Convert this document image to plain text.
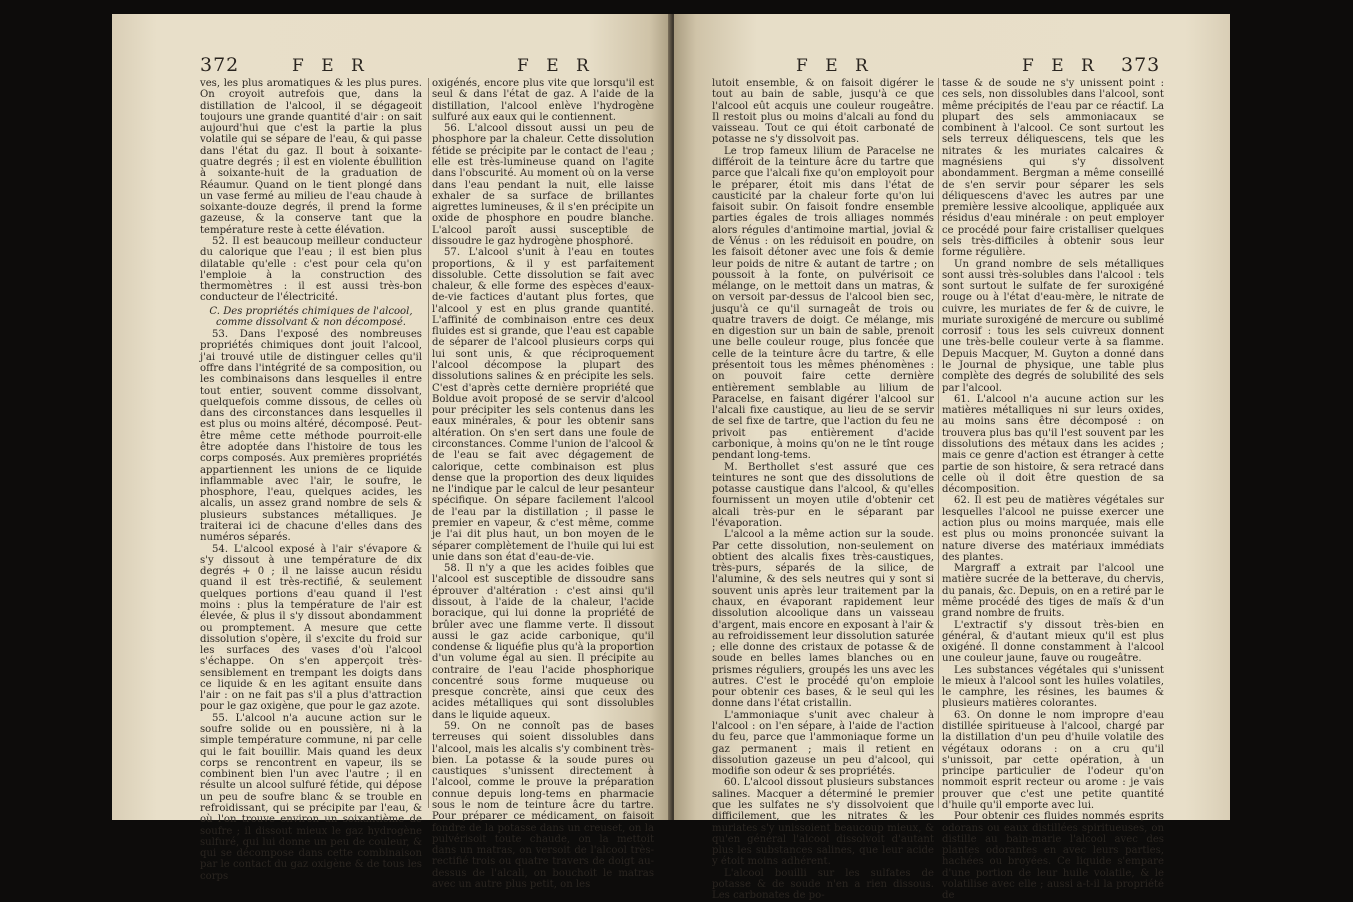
372	F E R	F E R

ves, les plus aromatiques & les plus pures. On croyoit autrefois que, dans la distillation de l'alcool, il se dégageoit toujours une grande quantité d'air : on sait aujourd'hui que c'est la partie la plus volatile qui se sépare de l'eau, & qui passe dans l'état du gaz. Il bout à soixante-quatre degrés ; il est en violente ébullition à soixante-huit de la graduation de Réaumur. Quand on le tient plongé dans un vase fermé au milieu de l'eau chaude à soixante-douze degrés, il prend la forme gazeuse, & la conserve tant que la température reste à cette élévation.

52. Il est beaucoup meilleur conducteur du calorique que l'eau ; il est bien plus dilatable qu'elle : c'est pour cela qu'on l'emploie à la construction des thermomètres : il est aussi très-bon conducteur de l'électricité.

C. Des propriétés chimiques de l'alcool, comme dissolvant & non décomposé.

53. Dans l'exposé des nombreuses propriétés chimiques dont jouit l'alcool, j'ai trouvé utile de distinguer celles qu'il offre dans l'intégrité de sa composition, ou les combinaisons dans lesquelles il entre tout entier, souvent comme dissolvant, quelquefois comme dissous, de celles où dans des circonstances dans lesquelles il est plus ou moins altéré, décomposé. Peut-être même cette méthode pourroit-elle être adoptée dans l'histoire de tous les corps composés. Aux premières propriétés appartiennent les unions de ce liquide inflammable avec l'air, le soufre, le phosphore, l'eau, quelques acides, les alcalis, un assez grand nombre de sels & plusieurs substances métalliques. Je traiterai ici de chacune d'elles dans des numéros séparés.

54. L'alcool exposé à l'air s'évapore & s'y dissout à une température de dix degrés + 0 ; il ne laisse aucun résidu quand il est très-rectifié, & seulement quelques portions d'eau quand il l'est moins : plus la température de l'air est élevée, & plus il s'y dissout abondamment ou promptement. A mesure que cette dissolution s'opère, il s'excite du froid sur les surfaces des vases d'où l'alcool s'échappe. On s'en apperçoit très-sensiblement en trempant les doigts dans ce liquide & en les agitant ensuite dans l'air : on ne fait pas s'il a plus d'attraction pour le gaz oxigène, que pour le gaz azote.

55. L'alcool n'a aucune action sur le soufre solide ou en poussière, ni à la simple température commune, ni par celle qui le fait bouillir. Mais quand les deux corps se rencontrent en vapeur, ils se combinent bien l'un avec l'autre ; il en résulte un alcool sulfuré fétide, qui dépose un peu de soufre blanc & se trouble en refroidissant, qui se précipite par l'eau, & où l'on trouve environ un soixantième de soufre ; il dissout mieux le gaz hydrogène sulfuré, qui lui donne un peu de couleur, & qui se décompose dans cette combinaison par le contact du gaz oxigène & de tous les corps

oxigénés, encore plus vite que lorsqu'il est seul & dans l'état de gaz. A l'aide de la distillation, l'alcool enlève l'hydrogène sulfuré aux eaux qui le contiennent.

56. L'alcool dissout aussi un peu de phosphore par la chaleur. Cette dissolution fétide se précipite par le contact de l'eau ; elle est très-lumineuse quand on l'agite dans l'obscurité. Au moment où on la verse dans l'eau pendant la nuit, elle laisse exhaler de sa surface de brillantes aigrettes lumineuses, & il s'en précipite un oxide de phosphore en poudre blanche. L'alcool paroît aussi susceptible de dissoudre le gaz hydrogène phosphoré.

57. L'alcool s'unit à l'eau en toutes proportions, & il y est parfaitement dissoluble. Cette dissolution se fait avec chaleur, & elle forme des espèces d'eaux-de-vie factices d'autant plus fortes, que l'alcool y est en plus grande quantité. L'affinité de combinaison entre ces deux fluides est si grande, que l'eau est capable de séparer de l'alcool plusieurs corps qui lui sont unis, & que réciproquement l'alcool décompose la plupart des dissolutions salines & en précipite les sels. C'est d'après cette dernière propriété que Boldue avoit proposé de se servir d'alcool pour précipiter les sels contenus dans les eaux minérales, & pour les obtenir sans altération. On s'en sert dans une foule de circonstances. Comme l'union de l'alcool & de l'eau se fait avec dégagement de calorique, cette combinaison est plus dense que la proportion des deux liquides ne l'indique par le calcul de leur pesanteur spécifique. On sépare facilement l'alcool de l'eau par la distillation ; il passe le premier en vapeur, & c'est même, comme je l'ai dit plus haut, un bon moyen de le séparer complètement de l'huile qui lui est unie dans son état d'eau-de-vie.

58. Il n'y a que les acides foibles que l'alcool est susceptible de dissoudre sans éprouver d'altération : c'est ainsi qu'il dissout, à l'aide de la chaleur, l'acide boracique, qui lui donne la propriété de brûler avec une flamme verte. Il dissout aussi le gaz acide carbonique, qu'il condense & liquéfie plus qu'à la proportion d'un volume égal au sien. Il précipite au contraire de l'eau l'acide phosphorique concentré sous forme muqueuse ou presque concrète, ainsi que ceux des acides métalliques qui sont dissolubles dans le liquide aqueux.

59. On ne connoît pas de bases terreuses qui soient dissolubles dans l'alcool, mais les alcalis s'y combinent très-bien. La potasse & la soude pures ou caustiques s'unissent directement à l'alcool, comme le prouve la préparation connue depuis long-tems en pharmacie sous le nom de teinture âcre du tartre. Pour préparer ce médicament, on faisoit fondre de la potasse dans un creuset, on la pulvérisoit toute chaude, on la mettoit dans un matras, on versoit de l'alcool très-rectifié trois ou quatre travers de doigt au-dessus de l'alcali, on bouchoit le matras avec un autre plus petit, on les

F E R	F E R 373

lutoit ensemble, & on faisoit digérer le tout au bain de sable, jusqu'à ce que l'alcool eût acquis une couleur rougeâtre. Il restoit plus ou moins d'alcali au fond du vaisseau. Tout ce qui étoit carbonaté de potasse ne s'y dissolvoit pas.

Le trop fameux lilium de Paracelse ne différoit de la teinture âcre du tartre que parce que l'alcali fixe qu'on employoit pour le préparer, étoit mis dans l'état de causticité par la chaleur forte qu'on lui faisoit subir. On faisoit fondre ensemble parties égales de trois alliages nommés alors régules d'antimoine martial, jovial & de Vénus : on les réduisoit en poudre, on les faisoit détoner avec une fois & demie leur poids de nitre & autant de tartre ; on poussoit à la fonte, on pulvérisoit ce mélange, on le mettoit dans un matras, & on versoit par-dessus de l'alcool bien sec, jusqu'à ce qu'il surnageât de trois ou quatre travers de doigt. Ce mélange, mis en digestion sur un bain de sable, prenoit une belle couleur rouge, plus foncée que celle de la teinture âcre du tartre, & elle présentoit tous les mêmes phénomènes : on pouvoit faire cette dernière entièrement semblable au lilium de Paracelse, en faisant digérer l'alcool sur l'alcali fixe caustique, au lieu de se servir de sel fixe de tartre, que l'action du feu ne privoit pas entièrement d'acide carbonique, à moins qu'on ne le tînt rouge pendant long-tems.

M. Berthollet s'est assuré que ces teintures ne sont que des dissolutions de potasse caustique dans l'alcool, & qu'elles fournissent un moyen utile d'obtenir cet alcali très-pur en le séparant par l'évaporation.

L'alcool a la même action sur la soude. Par cette dissolution, non-seulement on obtient des alcalis fixes très-caustiques, très-purs, séparés de la silice, de l'alumine, & des sels neutres qui y sont si souvent unis après leur traitement par la chaux, en évaporant rapidement leur dissolution alcoolique dans un vaisseau d'argent, mais encore en exposant à l'air & au refroidissement leur dissolution saturée ; elle donne des cristaux de potasse & de soude en belles lames blanches ou en prismes réguliers, groupés les uns avec les autres. C'est le procédé qu'on emploie pour obtenir ces bases, & le seul qui les donne dans l'état cristallin.

L'ammoniaque s'unit avec chaleur à l'alcool : on l'en sépare, à l'aide de l'action du feu, parce que l'ammoniaque forme un gaz permanent ; mais il retient en dissolution gazeuse un peu d'alcool, qui modifie son odeur & ses propriétés.

60. L'alcool dissout plusieurs substances salines. Macquer a déterminé le premier que les sulfates ne s'y dissolvoient que difficilement, que les nitrates & les muriates s'y unissoient beaucoup mieux, & qu'en général l'alcool dissolvoit d'autant plus les substances salines, que leur acide y étoit moins adhérent.

L'alcool bouilli sur les sulfates de potasse & de soude n'en a rien dissous. Les carbonates de po-

tasse & de soude ne s'y unissent point : ces sels, non dissolubles dans l'alcool, sont même précipités de l'eau par ce réactif. La plupart des sels ammoniacaux se combinent à l'alcool. Ce sont surtout les sels terreux déliquescens, tels que les nitrates & les muriates calcaires & magnésiens qui s'y dissolvent abondamment. Bergman a même conseillé de s'en servir pour séparer les sels déliquescens d'avec les autres par une première lessive alcoolique, appliquée aux résidus d'eau minérale : on peut employer ce procédé pour faire cristalliser quelques sels très-difficiles à obtenir sous leur forme régulière.

Un grand nombre de sels métalliques sont aussi très-solubles dans l'alcool : tels sont surtout le sulfate de fer suroxigéné rouge ou à l'état d'eau-mère, le nitrate de cuivre, les muriates de fer & de cuivre, le muriate suroxigéné de mercure ou sublimé corrosif : tous les sels cuivreux donnent une très-belle couleur verte à sa flamme. Depuis Macquer, M. Guyton a donné dans le Journal de physique, une table plus complète des degrés de solubilité des sels par l'alcool.

61. L'alcool n'a aucune action sur les matières métalliques ni sur leurs oxides, au moins sans être décomposé : on trouvera plus bas qu'il l'est souvent par les dissolutions des métaux dans les acides ; mais ce genre d'action est étranger à cette partie de son histoire, & sera retracé dans celle où il doit être question de sa décomposition.

62. Il est peu de matières végétales sur lesquelles l'alcool ne puisse exercer une action plus ou moins marquée, mais elle est plus ou moins prononcée suivant la nature diverse des matériaux immédiats des plantes.

Margraff a extrait par l'alcool une matière sucrée de la betterave, du chervis, du panais, &c. Depuis, on en a retiré par le même procédé des tiges de maïs & d'un grand nombre de fruits.

L'extractif s'y dissout très-bien en général, & d'autant mieux qu'il est plus oxigéné. Il donne constamment à l'alcool une couleur jaune, fauve ou rougeâtre.

Les substances végétales qui s'unissent le mieux à l'alcool sont les huiles volatiles, le camphre, les résines, les baumes & plusieurs matières colorantes.

63. On donne le nom impropre d'eau distillée spiritueuse à l'alcool, chargé par la distillation d'un peu d'huile volatile des végétaux odorans : on a cru qu'il s'unissoit, par cette opération, à un principe particulier de l'odeur qu'on nommoit esprit recteur ou arome : je vais prouver que c'est une petite quantité d'huile qu'il emporte avec lui.

Pour obtenir ces fluides nommés esprits odorans ou eaux distillées spiritueuses, on distille au bain-marie l'alcool avec des plantes odorantes en avec leurs parties, hachées ou broyées. Ce liquide s'empare d'une portion de leur huile volatile, & le volatilise avec elle ; aussi a-t-il la propriété de
